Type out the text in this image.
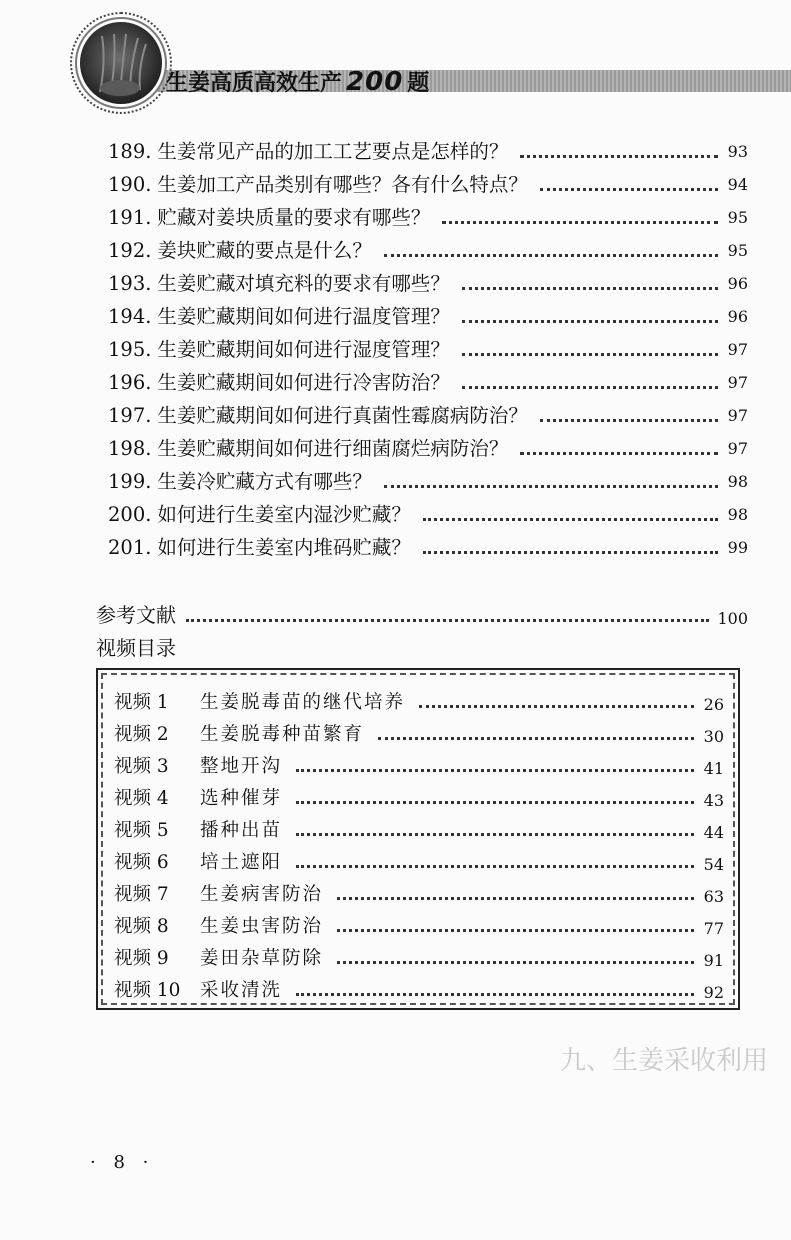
生姜高质高效生产 200 题
189. 生姜常见产品的加工工艺要点是怎样的？	93
190. 生姜加工产品类别有哪些？各有什么特点？	94
191. 贮藏对姜块质量的要求有哪些？	95
192. 姜块贮藏的要点是什么？	95
193. 生姜贮藏对填充料的要求有哪些？	96
194. 生姜贮藏期间如何进行温度管理？	96
195. 生姜贮藏期间如何进行湿度管理？	97
196. 生姜贮藏期间如何进行冷害防治？	97
197. 生姜贮藏期间如何进行真菌性霉腐病防治？	97
198. 生姜贮藏期间如何进行细菌腐烂病防治？	97
199. 生姜冷贮藏方式有哪些？	98
200. 如何进行生姜室内湿沙贮藏？	98
201. 如何进行生姜室内堆码贮藏？	99
参考文献	100
视频目录
视频 1	生姜脱毒苗的继代培养	26
视频 2	生姜脱毒种苗繁育	30
视频 3	整地开沟	41
视频 4	选种催芽	43
视频 5	播种出苗	44
视频 6	培土遮阳	54
视频 7	生姜病害防治	63
视频 8	生姜虫害防治	77
视频 9	姜田杂草防除	91
视频 10	采收清洗	92
九、生姜采收利用
· 8 ·
